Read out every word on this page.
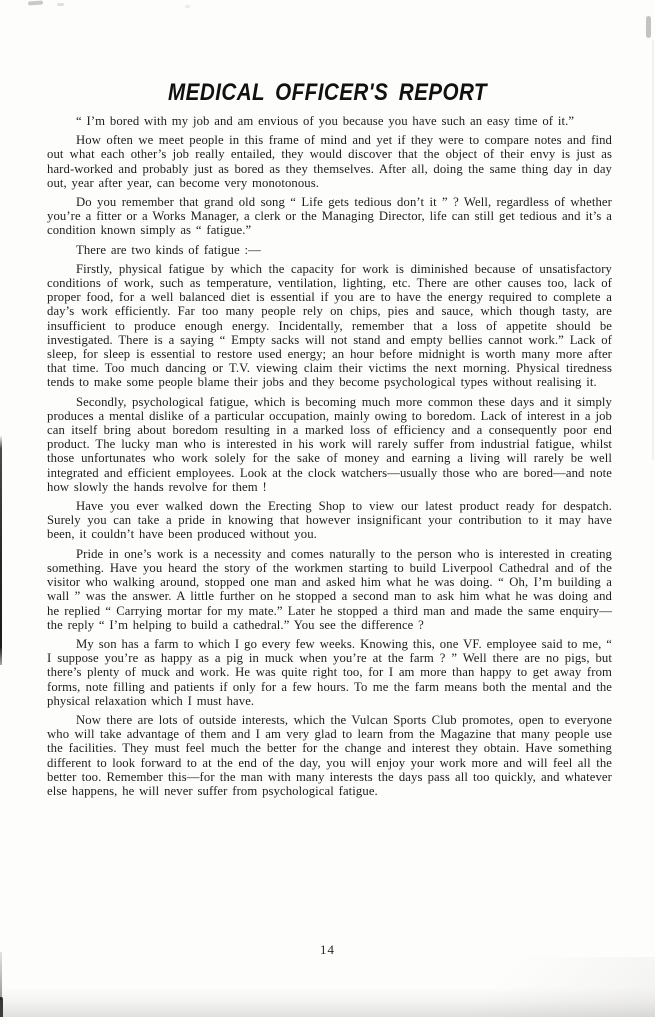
MEDICAL OFFICER'S REPORT

“ I’m bored with my job and am envious of you because you have such an easy time of it.”

How often we meet people in this frame of mind and yet if they were to compare notes and find out what each other’s job really entailed, they would discover that the object of their envy is just as hard-worked and probably just as bored as they themselves. After all, doing the same thing day in day out, year after year, can become very monotonous.

Do you remember that grand old song “ Life gets tedious don’t it ” ? Well, regardless of whether you’re a fitter or a Works Manager, a clerk or the Managing Director, life can still get tedious and it’s a condition known simply as “ fatigue.”

There are two kinds of fatigue :—

Firstly, physical fatigue by which the capacity for work is diminished because of unsatisfactory conditions of work, such as temperature, ventilation, lighting, etc. There are other causes too, lack of proper food, for a well balanced diet is essential if you are to have the energy required to complete a day’s work efficiently. Far too many people rely on chips, pies and sauce, which though tasty, are insufficient to produce enough energy. Incidentally, remember that a loss of appetite should be investigated. There is a saying “ Empty sacks will not stand and empty bellies cannot work.” Lack of sleep, for sleep is essential to restore used energy; an hour before midnight is worth many more after that time. Too much dancing or T.V. viewing claim their victims the next morning. Physical tiredness tends to make some people blame their jobs and they become psychological types without realising it.

Secondly, psychological fatigue, which is becoming much more common these days and it simply produces a mental dislike of a particular occupation, mainly owing to boredom. Lack of interest in a job can itself bring about boredom resulting in a marked loss of efficiency and a consequently poor end product. The lucky man who is interested in his work will rarely suffer from industrial fatigue, whilst those unfortunates who work solely for the sake of money and earning a living will rarely be well integrated and efficient employees. Look at the clock watchers—usually those who are bored—and note how slowly the hands revolve for them !

Have you ever walked down the Erecting Shop to view our latest product ready for despatch. Surely you can take a pride in knowing that however insignificant your contribution to it may have been, it couldn’t have been produced without you.

Pride in one’s work is a necessity and comes naturally to the person who is interested in creating something. Have you heard the story of the workmen starting to build Liverpool Cathedral and of the visitor who walking around, stopped one man and asked him what he was doing. “ Oh, I’m building a wall ” was the answer. A little further on he stopped a second man to ask him what he was doing and he replied “ Carrying mortar for my mate.” Later he stopped a third man and made the same enquiry—the reply “ I’m helping to build a cathedral.” You see the difference ?

My son has a farm to which I go every few weeks. Knowing this, one VF. employee said to me, “ I suppose you’re as happy as a pig in muck when you’re at the farm ? ” Well there are no pigs, but there’s plenty of muck and work. He was quite right too, for I am more than happy to get away from forms, note filling and patients if only for a few hours. To me the farm means both the mental and the physical relaxation which I must have.

Now there are lots of outside interests, which the Vulcan Sports Club promotes, open to everyone who will take advantage of them and I am very glad to learn from the Magazine that many people use the facilities. They must feel much the better for the change and interest they obtain. Have something different to look forward to at the end of the day, you will enjoy your work more and will feel all the better too. Remember this—for the man with many interests the days pass all too quickly, and whatever else happens, he will never suffer from psychological fatigue.

14
